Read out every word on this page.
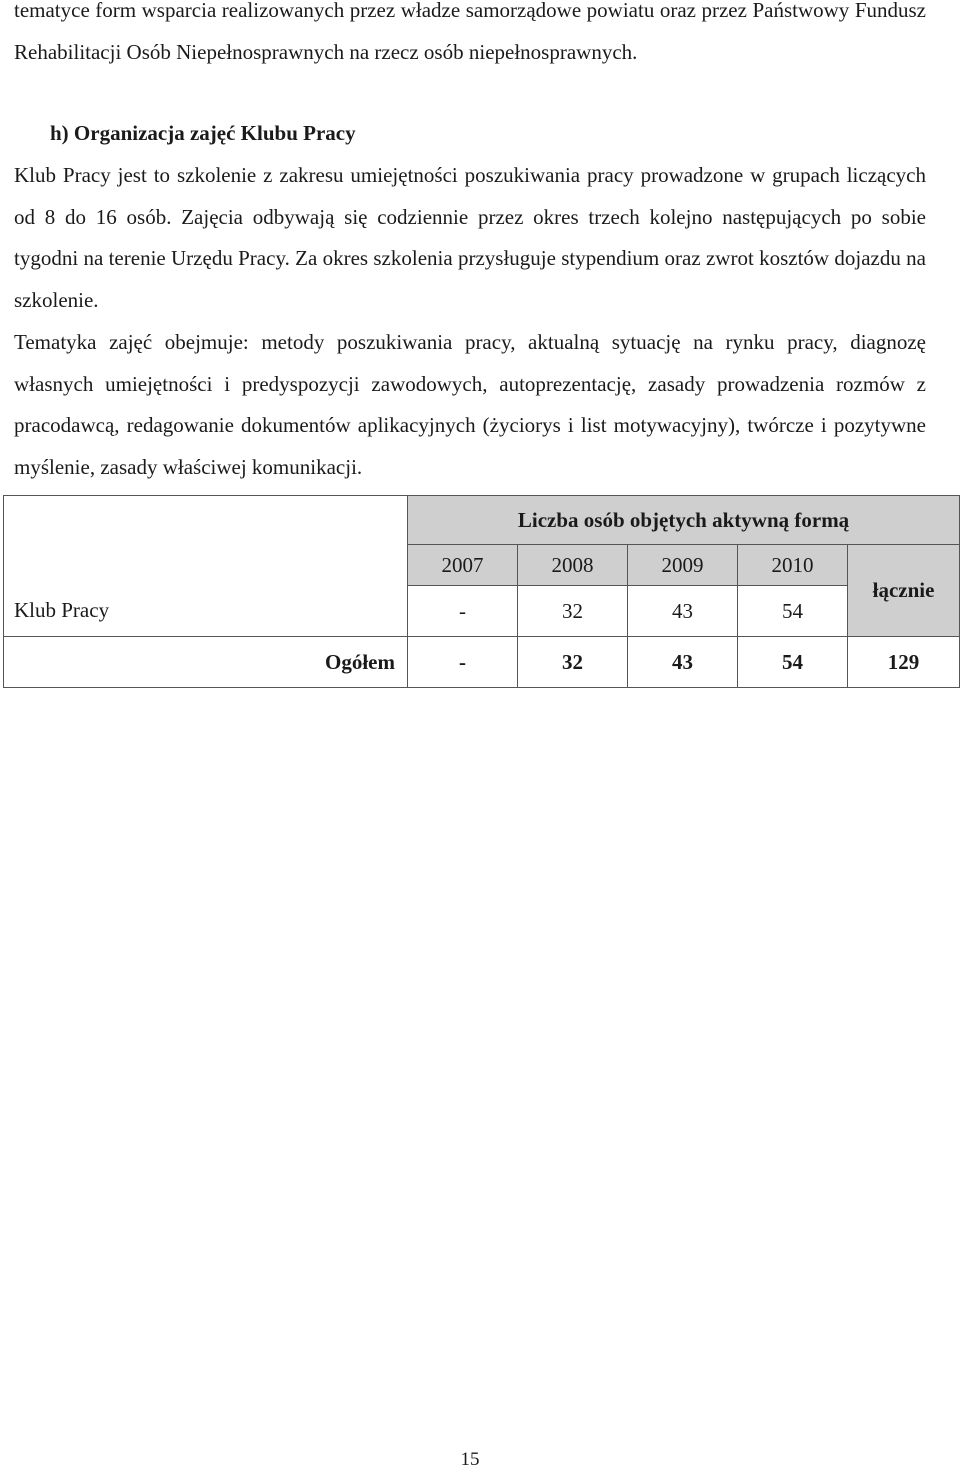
tematyce form wsparcia realizowanych przez władze samorządowe powiatu oraz przez Państwowy Fundusz Rehabilitacji Osób Niepełnosprawnych na rzecz osób niepełnosprawnych.

h) Organizacja zajęć Klubu Pracy

Klub Pracy jest to szkolenie z zakresu umiejętności poszukiwania pracy prowadzone w grupach liczących od 8 do 16 osób. Zajęcia odbywają się codziennie przez okres trzech kolejno następujących po sobie tygodni na terenie Urzędu Pracy. Za okres szkolenia przysługuje stypendium oraz zwrot kosztów dojazdu na szkolenie.

Tematyka zajęć obejmuje: metody poszukiwania pracy, aktualną sytuację na rynku pracy, diagnozę własnych umiejętności i predyspozycji zawodowych, autoprezentację, zasady prowadzenia rozmów z pracodawcą, redagowanie dokumentów aplikacyjnych (życiorys i list motywacyjny), twórcze i pozytywne myślenie, zasady właściwej komunikacji.

	Liczba osób objętych aktywną formą				
	2007	2008	2009	2010	łącznie
Klub Pracy	-	32	43	54	
Ogółem	-	32	43	54	129
15
